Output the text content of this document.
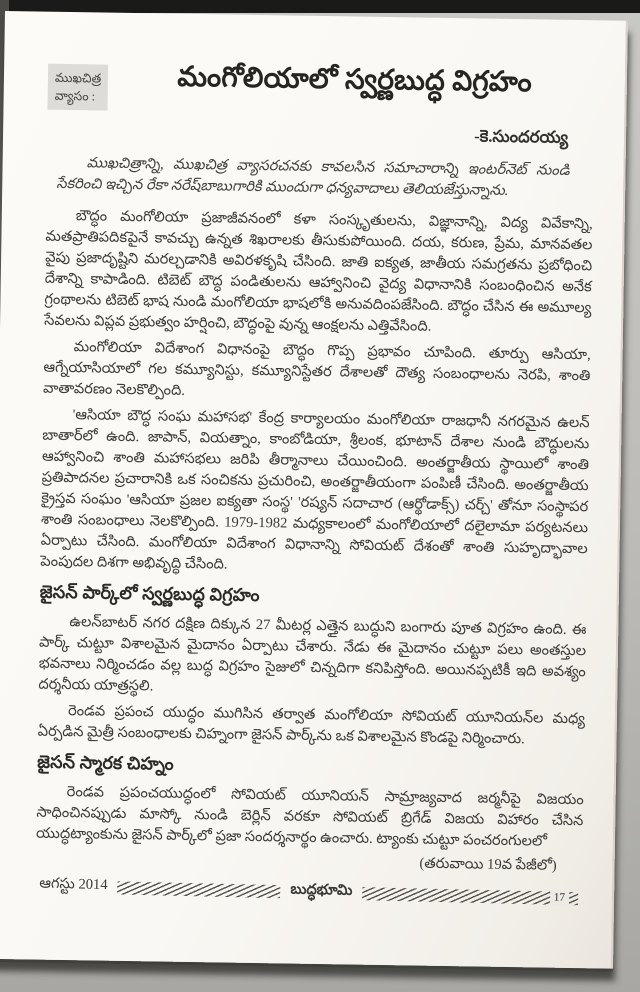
ముఖచిత్ర
వ్యాసం :	మంగోలియాలో స్వర్ణబుద్ధ విగ్రహం
-కె.సుందరయ్య

ముఖచిత్రాన్ని, ముఖచిత్ర వ్యాసరచనకు కావలసిన సమాచారాన్ని ఇంటర్‌నెట్ నుండి సేకరించి ఇచ్చిన రేకా నరేష్‌బాబుగారికి ముందుగా ధన్యవాదాలు తెలియజేస్తున్నాను.

బౌద్ధం మంగోలియా ప్రజాజీవనంలో కళా సంస్కృతులను, విజ్ఞానాన్ని, విద్య వివేకాన్ని, మతప్రాతిపదికపైనే కావచ్చు ఉన్నత శిఖరాలకు తీసుకుపోయింది. దయ, కరుణ, ప్రేమ, మానవతల వైపు ప్రజాదృష్టిని మరల్చడానికి అవిరళకృషి చేసింది. జాతి ఐక్యత, జాతీయ సమగ్రతను ప్రబోధించి దేశాన్ని కాపాడింది. టిబెట్ బౌద్ధ పండితులను ఆహ్వానించి వైద్య విధానానికి సంబంధించిన అనేక గ్రంథాలను టిబెట్ భాష నుండి మంగోలియా భాషలోకి అనువదింపజేసింది. బౌద్ధం చేసిన ఈ అమూల్య సేవలను విప్లవ ప్రభుత్వం హర్షించి, బౌద్ధంపై వున్న ఆంక్షలను ఎత్తివేసింది.

మంగోలియా విదేశాంగ విధానంపై బౌద్ధం గొప్ప ప్రభావం చూపింది. తూర్పు ఆసియా, ఆగ్నేయాసియాలో గల కమ్యూనిస్టు, కమ్యూనిస్టేతర దేశాలతో దౌత్య సంబంధాలను నెరపి, శాంతి వాతావరణం నెలకొల్పింది.

'ఆసియా బౌద్ధ సంఘ మహాసభ' కేంద్ర కార్యాలయం మంగోలియా రాజధానీ నగరమైన ఉలన్ బాతార్‌లో ఉంది. జాపాన్, వియత్నాం, కాంబోడియా, శ్రీలంక, భూటాన్ దేశాల నుండి బౌద్ధులను ఆహ్వానించి శాంతి మహాసభలు జరిపి తీర్మానాలు చేయించింది. అంతర్జాతీయ స్థాయిలో శాంతి ప్రతిపాదనల ప్రచారానికి ఒక సంచికను ప్రచురించి, అంతర్జాతీయంగా పంపిణీ చేసింది. అంతర్జాతీయ క్రైస్తవ సంఘం 'ఆసియా ప్రజల ఐక్యతా సంస్థ' 'రష్యన్ సదాచార (ఆర్థోడాక్స్) చర్చ్' తోనూ సంస్థాపర శాంతి సంబంధాలు నెలకొల్పింది. 1979-1982 మధ్యకాలంలో మంగోలియాలో దలైలామా పర్యటనలు ఏర్పాటు చేసింది. మంగోలియా విదేశాంగ విధానాన్ని సోవియట్ దేశంతో శాంతి సుహృద్భావాల పెంపుదల దిశగా అభివృద్ధి చేసింది.

జైసన్ పార్క్‌లో స్వర్ణబుద్ధ విగ్రహం

ఉలన్‌బాటర్ నగర దక్షిణ దిక్కున 27 మీటర్ల ఎత్తైన బుద్ధుని బంగారు పూత విగ్రహం ఉంది. ఈ పార్క్ చుట్టూ విశాలమైన మైదానం ఏర్పాటు చేశారు. నేడు ఈ మైదానం చుట్టూ పలు అంతస్తుల భవనాలు నిర్మించడం వల్ల బుద్ధ విగ్రహం సైజులో చిన్నదిగా కనిపిస్తోంది. అయినప్పటికీ ఇది అవశ్యం దర్శనీయ యాత్రస్థలి.

రెండవ ప్రపంచ యుద్ధం ముగిసిన తర్వాత మంగోలియా సోవియట్ యూనియన్‌ల మధ్య ఏర్పడిన మైత్రీ సంబంధాలకు చిహ్నంగా జైసన్ పార్క్‌ను ఒక విశాలమైన కొండపై నిర్మించారు.

జైసన్ స్మారక చిహ్నం

రెండవ ప్రపంచయుద్ధంలో సోవియట్ యూనియన్ సామ్రాజ్యవాద జర్మనీపై విజయం సాధించినప్పుడు మాస్కో నుండి బెర్లిన్ వరకూ సోవియట్ బ్రిగేడ్ విజయ విహారం చేసిన యుద్ధట్యాంకును జైసన్ పార్క్‌లో ప్రజా సందర్శనార్థం ఉంచారు. ట్యాంకు చుట్టూ పంచరంగులలో

(తరువాయి 19వ పేజీలో)
ఆగస్టు 2014	బుద్ధభూమి	17
